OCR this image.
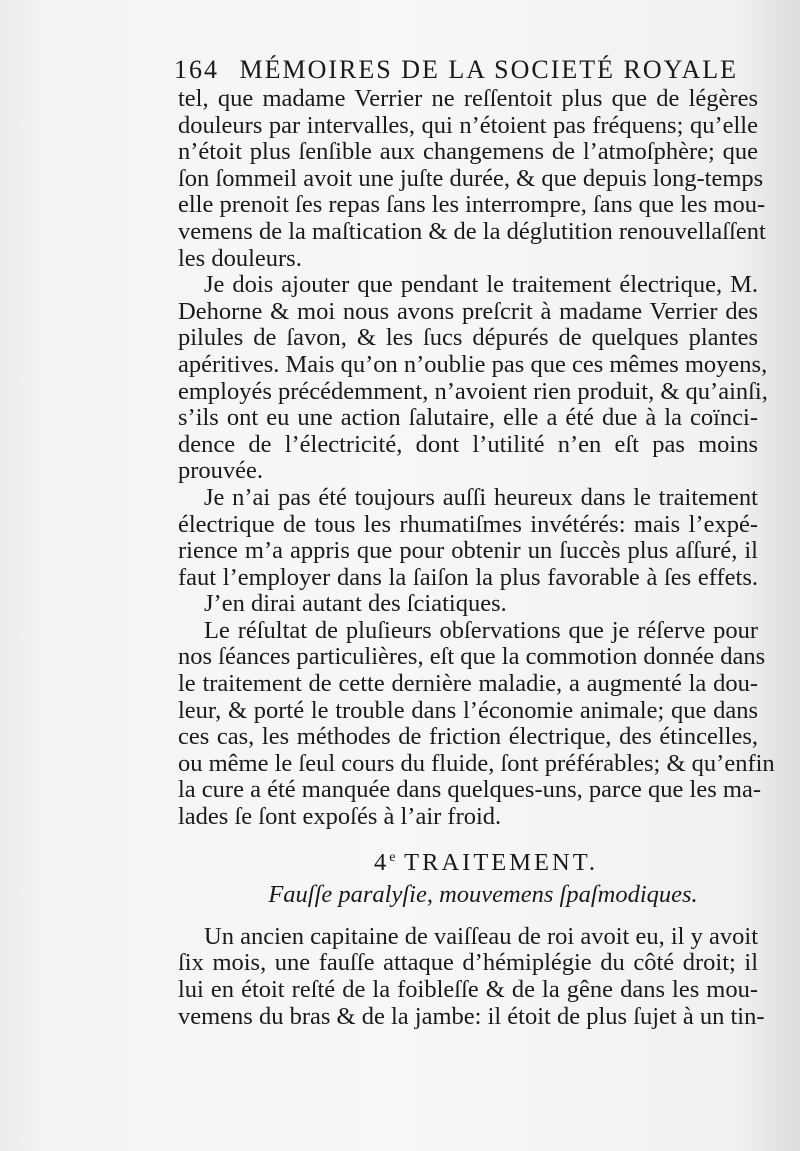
164 MÉMOIRES DE LA SOCIETÉ ROYALE
tel, que madame Verrier ne reſſentoit plus que de légères
douleurs par intervalles, qui n’étoient pas fréquens; qu’elle
n’étoit plus ſenſible aux changemens de l’atmoſphère; que
ſon ſommeil avoit une juſte durée, & que depuis long-temps
elle prenoit ſes repas ſans les interrompre, ſans que les mou-
vemens de la maſtication & de la déglutition renouvellaſſent
les douleurs.
Je dois ajouter que pendant le traitement électrique, M.
Dehorne & moi nous avons preſcrit à madame Verrier des
pilules de ſavon, & les ſucs dépurés de quelques plantes
apéritives. Mais qu’on n’oublie pas que ces mêmes moyens,
employés précédemment, n’avoient rien produit, & qu’ainſi,
s’ils ont eu une action ſalutaire, elle a été due à la coïnci-
dence de l’électricité, dont l’utilité n’en eſt pas moins
prouvée.
Je n’ai pas été toujours auſſi heureux dans le traitement
électrique de tous les rhumatiſmes invétérés: mais l’expé-
rience m’a appris que pour obtenir un ſuccès plus aſſuré, il
faut l’employer dans la ſaiſon la plus favorable à ſes effets.
J’en dirai autant des ſciatiques.
Le réſultat de pluſieurs obſervations que je réſerve pour
nos ſéances particulières, eſt que la commotion donnée dans
le traitement de cette dernière maladie, a augmenté la dou-
leur, & porté le trouble dans l’économie animale; que dans
ces cas, les méthodes de friction électrique, des étincelles,
ou même le ſeul cours du fluide, ſont préférables; & qu’enfin
la cure a été manquée dans quelques-uns, parce que les ma-
lades ſe ſont expoſés à l’air froid.
4e TRAITEMENT.
Fauſſe paralyſie, mouvemens ſpaſmodiques.
Un ancien capitaine de vaiſſeau de roi avoit eu, il y avoit
ſix mois, une fauſſe attaque d’hémiplégie du côté droit; il
lui en étoit reſté de la foibleſſe & de la gêne dans les mou-
vemens du bras & de la jambe: il étoit de plus ſujet à un tin-
